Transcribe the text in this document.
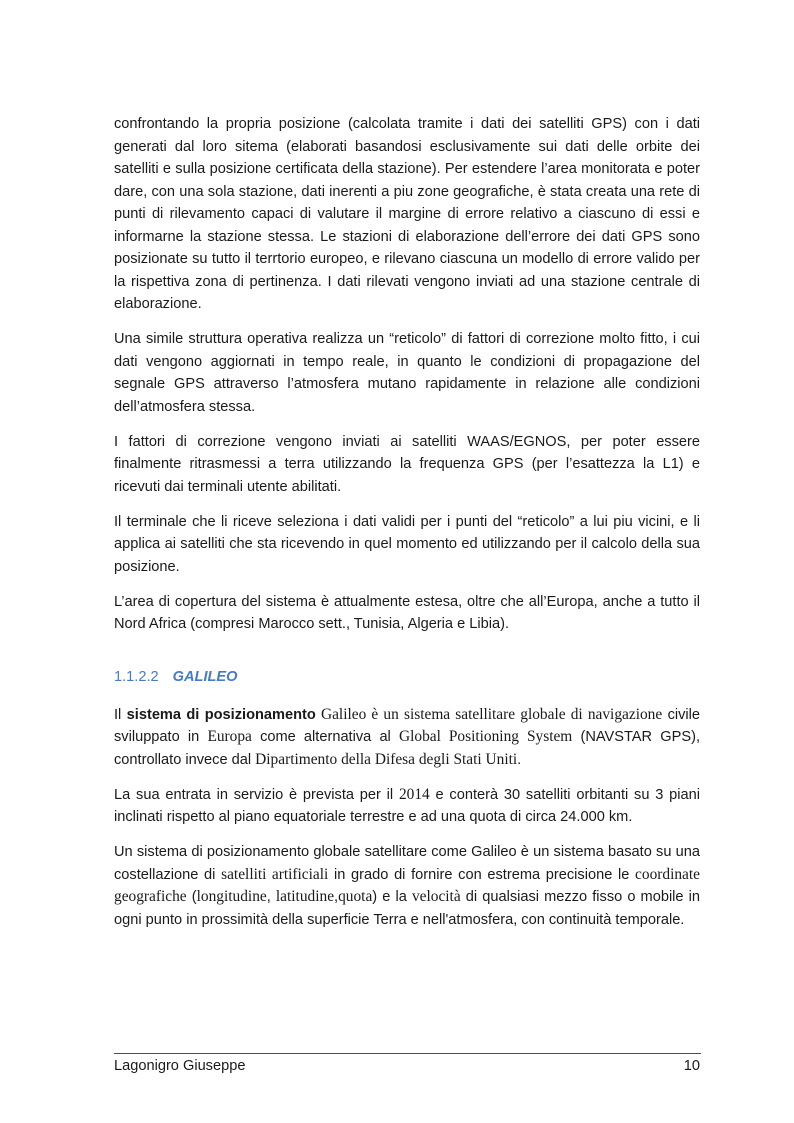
confrontando la propria posizione (calcolata tramite i dati dei satelliti GPS) con i dati generati dal loro sitema (elaborati basandosi esclusivamente sui dati delle orbite dei satelliti e sulla posizione certificata della stazione). Per estendere l’area monitorata e poter dare, con una sola stazione, dati inerenti a piu zone geografiche, è stata creata una rete di punti di rilevamento capaci di valutare il margine di errore relativo a ciascuno di essi e informarne la stazione stessa. Le stazioni di elaborazione dell’errore dei dati GPS sono posizionate su tutto il terrtorio europeo, e rilevano ciascuna un modello di errore valido per la rispettiva zona di pertinenza. I dati rilevati vengono inviati ad una stazione centrale di elaborazione.

Una simile struttura operativa realizza un “reticolo” di fattori di correzione molto fitto, i cui dati vengono aggiornati in tempo reale, in quanto le condizioni di propagazione del segnale GPS attraverso l’atmosfera mutano rapidamente in relazione alle condizioni dell’atmosfera stessa.

I fattori di correzione vengono inviati ai satelliti WAAS/EGNOS, per poter essere finalmente ritrasmessi a terra utilizzando la frequenza GPS (per l’esattezza la L1) e ricevuti dai terminali utente abilitati.

Il terminale che li riceve seleziona i dati validi per i punti del “reticolo” a lui piu vicini, e li applica ai satelliti che sta ricevendo in quel momento ed utilizzando per il calcolo della sua posizione.

L’area di copertura del sistema è attualmente estesa, oltre che all’Europa, anche a tutto il Nord Africa (compresi Marocco sett., Tunisia, Algeria e Libia).

1.1.2.2 GALILEO

Il sistema di posizionamento Galileo è un sistema satellitare globale di navigazione civile sviluppato in Europa come alternativa al Global Positioning System (NAVSTAR GPS), controllato invece dal Dipartimento della Difesa degli Stati Uniti.

La sua entrata in servizio è prevista per il 2014 e conterà 30 satelliti orbitanti su 3 piani inclinati rispetto al piano equatoriale terrestre e ad una quota di circa 24.000 km.

Un sistema di posizionamento globale satellitare come Galileo è un sistema basato su una costellazione di satelliti artificiali in grado di fornire con estrema precisione le coordinate geografiche (longitudine, latitudine,quota) e la velocità di qualsiasi mezzo fisso o mobile in ogni punto in prossimità della superficie Terra e nell'atmosfera, con continuità temporale.

Lagonigro Giuseppe	10
